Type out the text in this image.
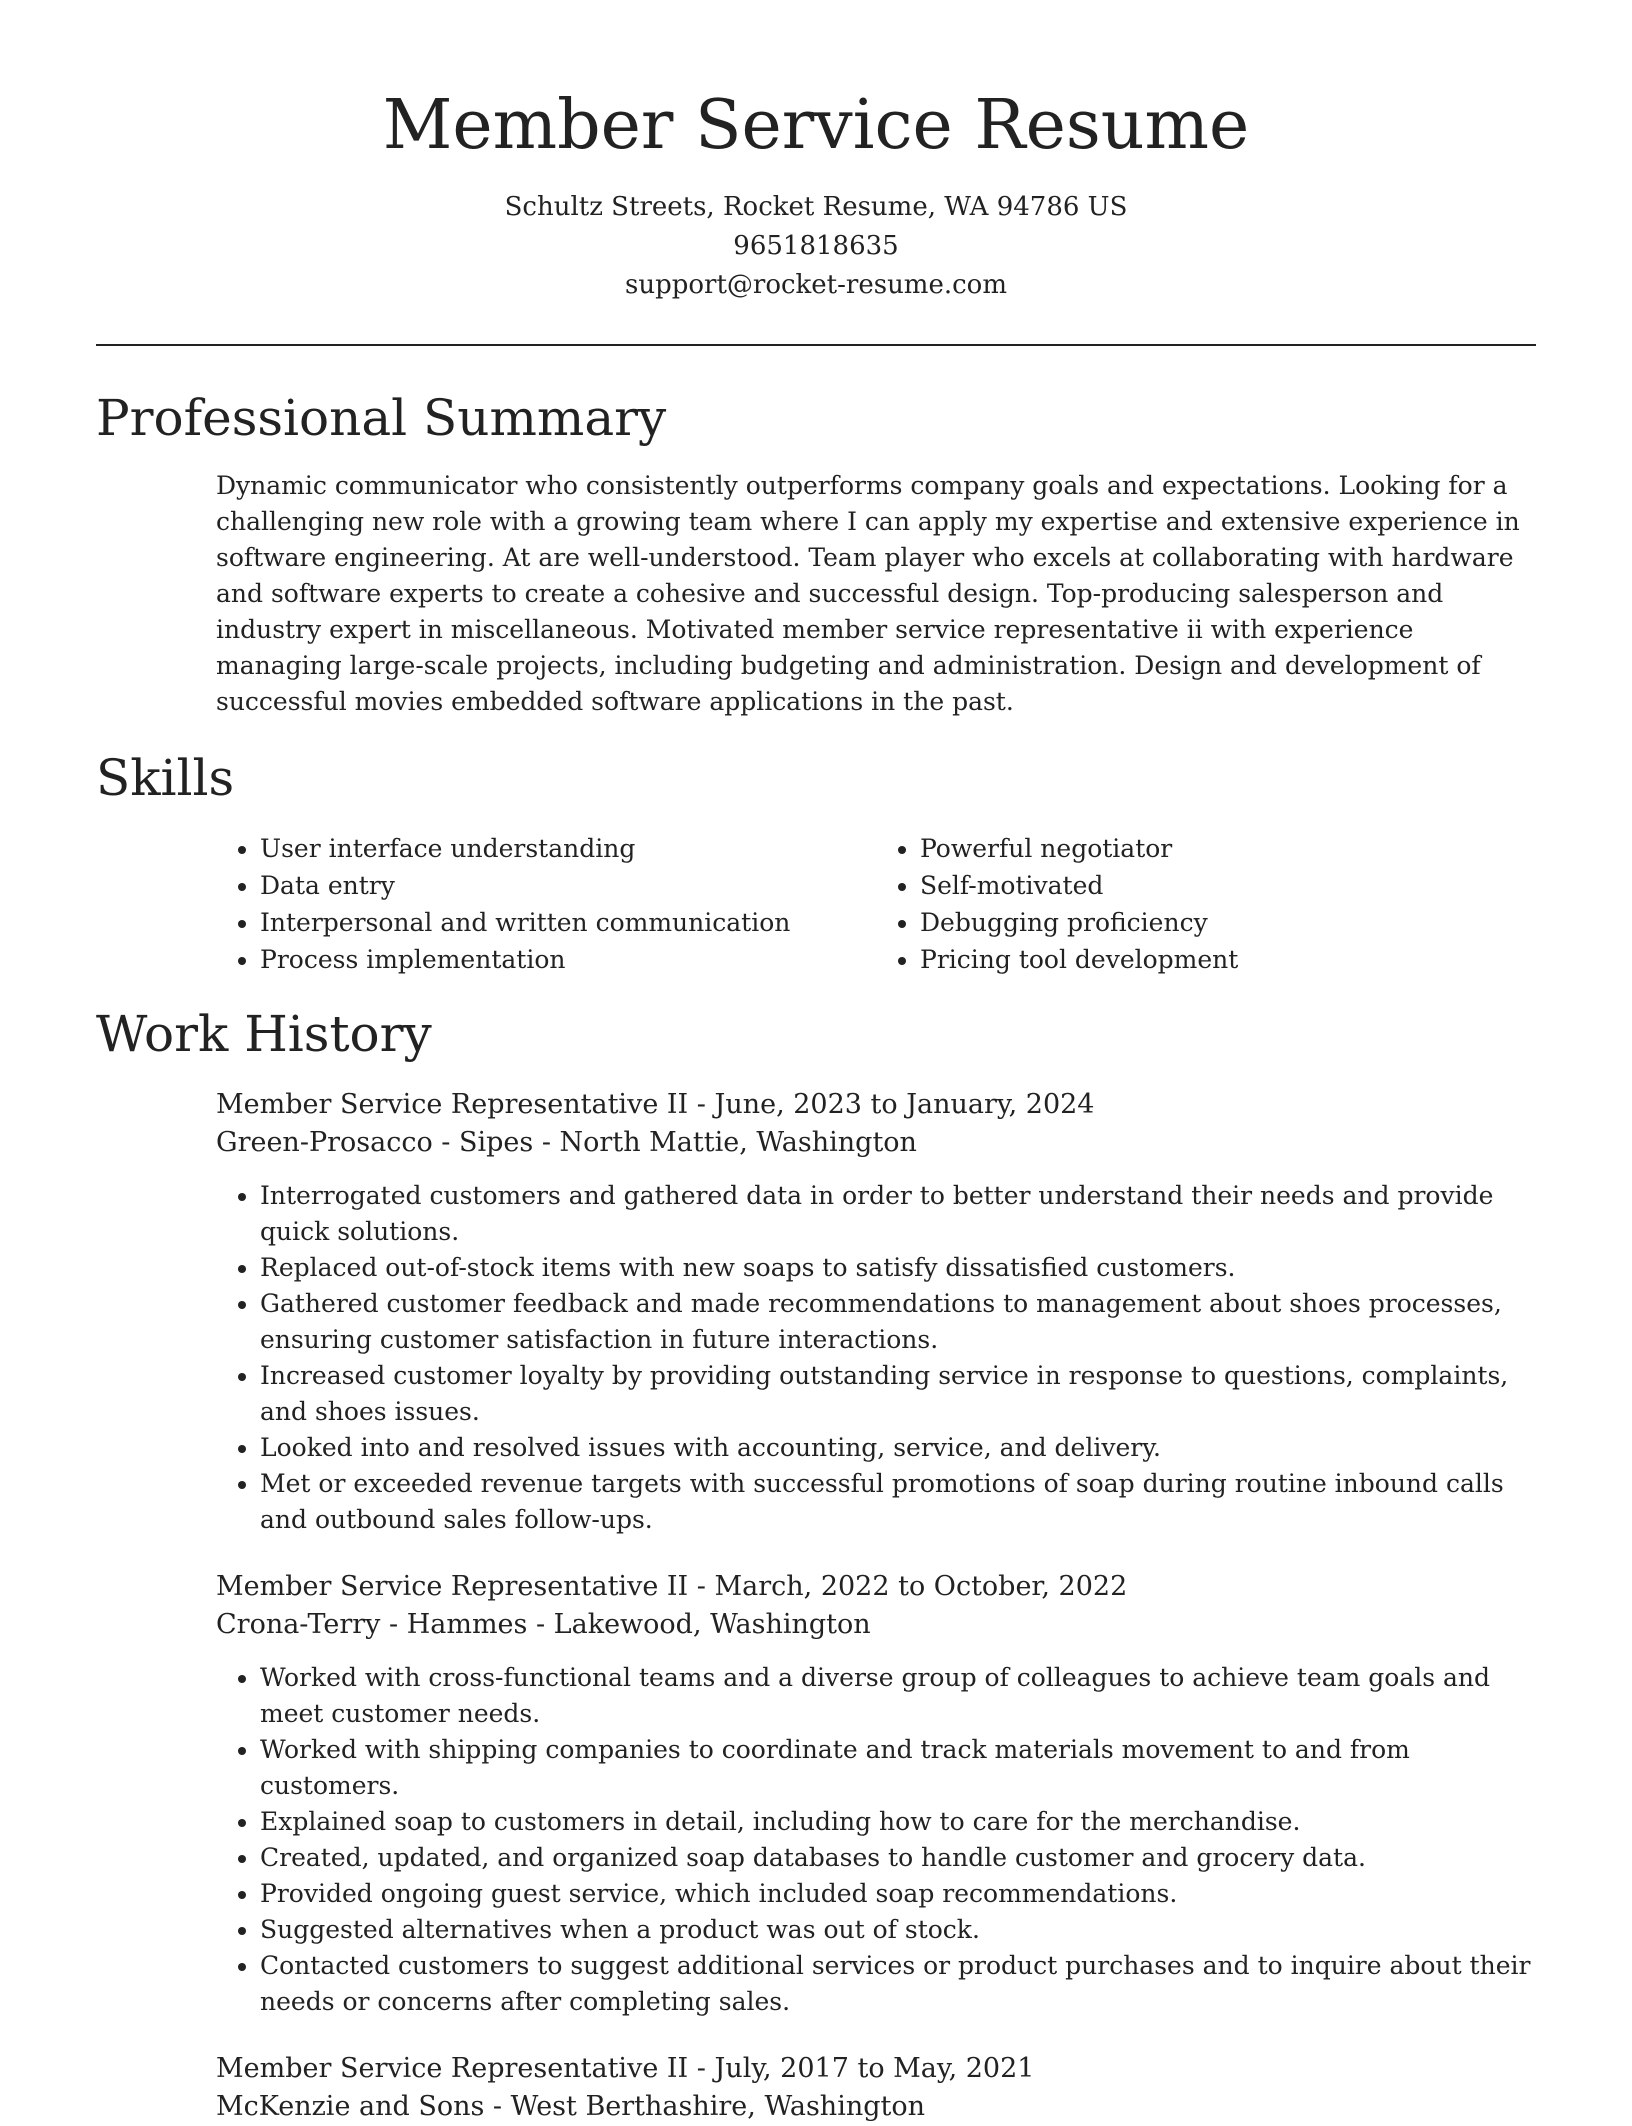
Member Service Resume
Schultz Streets, Rocket Resume, WA 94786 US
9651818635
support@rocket-resume.com
Professional Summary

Dynamic communicator who consistently outperforms company goals and expectations. Looking for a challenging new role with a growing team where I can apply my expertise and extensive experience in software engineering. At are well-understood. Team player who excels at collaborating with hardware and software experts to create a cohesive and successful design. Top-producing salesperson and industry expert in miscellaneous. Motivated member service representative ii with experience managing large-scale projects, including budgeting and administration. Design and development of successful movies embedded software applications in the past.

Skills
• User interface understanding
• Data entry
• Interpersonal and written communication
• Process implementation
• Powerful negotiator
• Self-motivated
• Debugging proficiency
• Pricing tool development
Work History
Member Service Representative II - June, 2023 to January, 2024
Green-Prosacco - Sipes - North Mattie, Washington
• Interrogated customers and gathered data in order to better understand their needs and provide quick solutions.
• Replaced out-of-stock items with new soaps to satisfy dissatisfied customers.
• Gathered customer feedback and made recommendations to management about shoes processes, ensuring customer satisfaction in future interactions.
• Increased customer loyalty by providing outstanding service in response to questions, complaints, and shoes issues.
• Looked into and resolved issues with accounting, service, and delivery.
• Met or exceeded revenue targets with successful promotions of soap during routine inbound calls and outbound sales follow-ups.
Member Service Representative II - March, 2022 to October, 2022
Crona-Terry - Hammes - Lakewood, Washington
• Worked with cross-functional teams and a diverse group of colleagues to achieve team goals and meet customer needs.
• Worked with shipping companies to coordinate and track materials movement to and from customers.
• Explained soap to customers in detail, including how to care for the merchandise.
• Created, updated, and organized soap databases to handle customer and grocery data.
• Provided ongoing guest service, which included soap recommendations.
• Suggested alternatives when a product was out of stock.
• Contacted customers to suggest additional services or product purchases and to inquire about their needs or concerns after completing sales.
Member Service Representative II - July, 2017 to May, 2021
McKenzie and Sons - West Berthashire, Washington
